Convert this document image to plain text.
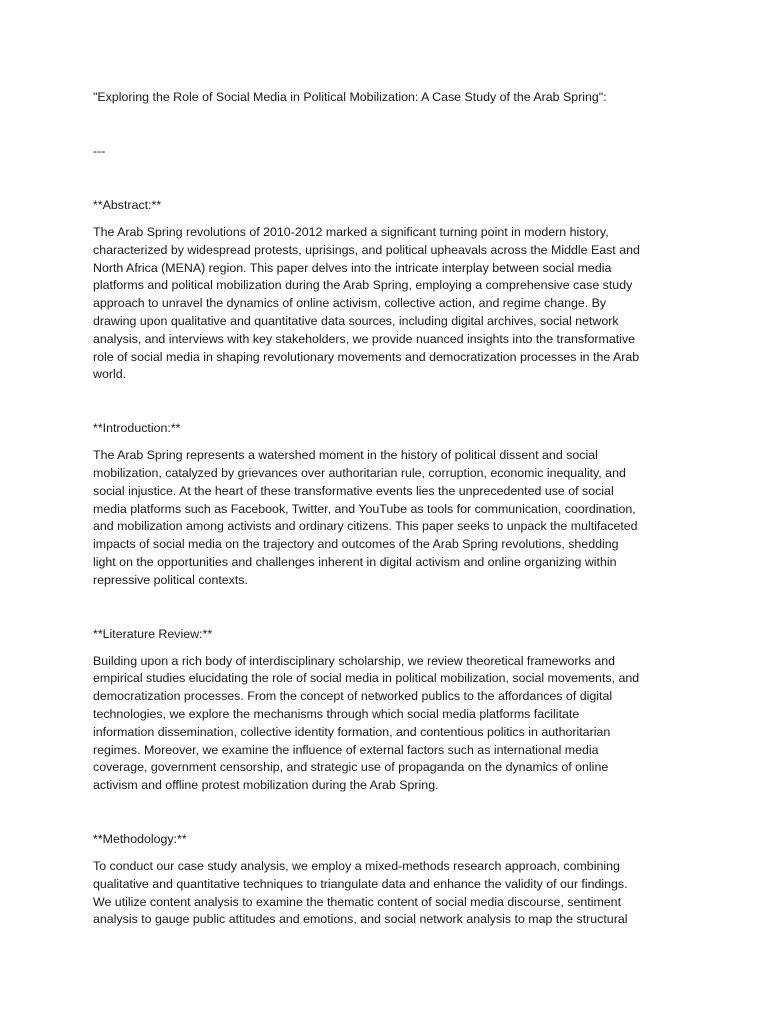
"Exploring the Role of Social Media in Political Mobilization: A Case Study of the Arab Spring":

---

**Abstract:**

The Arab Spring revolutions of 2010-2012 marked a significant turning point in modern history,
characterized by widespread protests, uprisings, and political upheavals across the Middle East and
North Africa (MENA) region. This paper delves into the intricate interplay between social media
platforms and political mobilization during the Arab Spring, employing a comprehensive case study
approach to unravel the dynamics of online activism, collective action, and regime change. By
drawing upon qualitative and quantitative data sources, including digital archives, social network
analysis, and interviews with key stakeholders, we provide nuanced insights into the transformative
role of social media in shaping revolutionary movements and democratization processes in the Arab
world.

**Introduction:**

The Arab Spring represents a watershed moment in the history of political dissent and social
mobilization, catalyzed by grievances over authoritarian rule, corruption, economic inequality, and
social injustice. At the heart of these transformative events lies the unprecedented use of social
media platforms such as Facebook, Twitter, and YouTube as tools for communication, coordination,
and mobilization among activists and ordinary citizens. This paper seeks to unpack the multifaceted
impacts of social media on the trajectory and outcomes of the Arab Spring revolutions, shedding
light on the opportunities and challenges inherent in digital activism and online organizing within
repressive political contexts.

**Literature Review:**

Building upon a rich body of interdisciplinary scholarship, we review theoretical frameworks and
empirical studies elucidating the role of social media in political mobilization, social movements, and
democratization processes. From the concept of networked publics to the affordances of digital
technologies, we explore the mechanisms through which social media platforms facilitate
information dissemination, collective identity formation, and contentious politics in authoritarian
regimes. Moreover, we examine the influence of external factors such as international media
coverage, government censorship, and strategic use of propaganda on the dynamics of online
activism and offline protest mobilization during the Arab Spring.

**Methodology:**

To conduct our case study analysis, we employ a mixed-methods research approach, combining
qualitative and quantitative techniques to triangulate data and enhance the validity of our findings.
We utilize content analysis to examine the thematic content of social media discourse, sentiment
analysis to gauge public attitudes and emotions, and social network analysis to map the structural
